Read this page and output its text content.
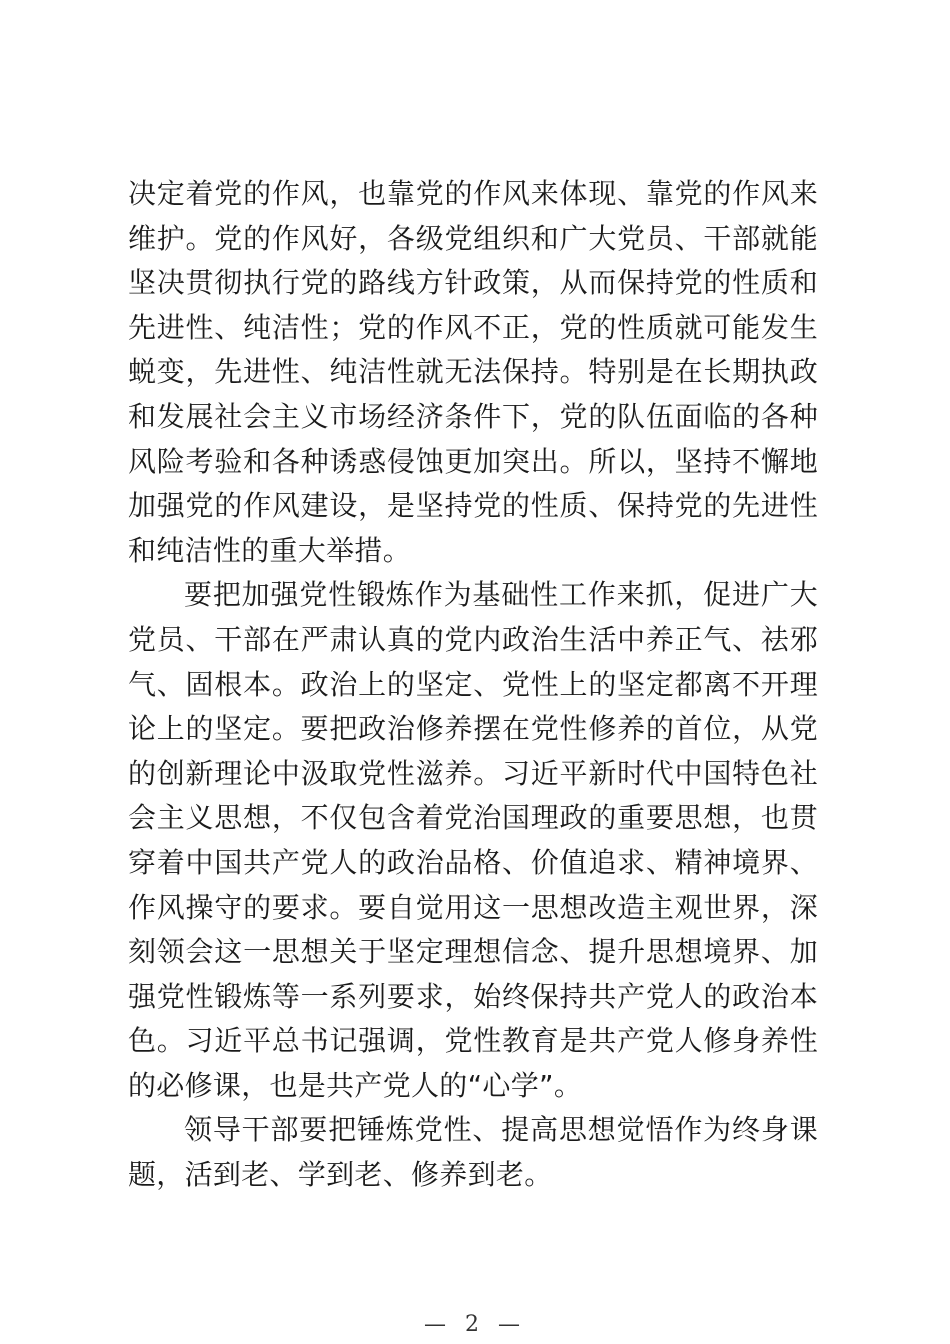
决定着党的作风，也靠党的作风来体现、靠党的作风来维护。党的作风好，各级党组织和广大党员、干部就能坚决贯彻执行党的路线方针政策，从而保持党的性质和先进性、纯洁性；党的作风不正，党的性质就可能发生蜕变，先进性、纯洁性就无法保持。特别是在长期执政和发展社会主义市场经济条件下，党的队伍面临的各种风险考验和各种诱惑侵蚀更加突出。所以，坚持不懈地加强党的作风建设，是坚持党的性质、保持党的先进性和纯洁性的重大举措。

要把加强党性锻炼作为基础性工作来抓，促进广大党员、干部在严肃认真的党内政治生活中养正气、祛邪气、固根本。政治上的坚定、党性上的坚定都离不开理论上的坚定。要把政治修养摆在党性修养的首位，从党的创新理论中汲取党性滋养。习近平新时代中国特色社会主义思想，不仅包含着党治国理政的重要思想，也贯穿着中国共产党人的政治品格、价值追求、精神境界、作风操守的要求。要自觉用这一思想改造主观世界，深刻领会这一思想关于坚定理想信念、提升思想境界、加强党性锻炼等一系列要求，始终保持共产党人的政治本色。习近平总书记强调，党性教育是共产党人修身养性的必修课，也是共产党人的“心学”。

领导干部要把锤炼党性、提高思想觉悟作为终身课题，活到老、学到老、修养到老。

— 2 —
